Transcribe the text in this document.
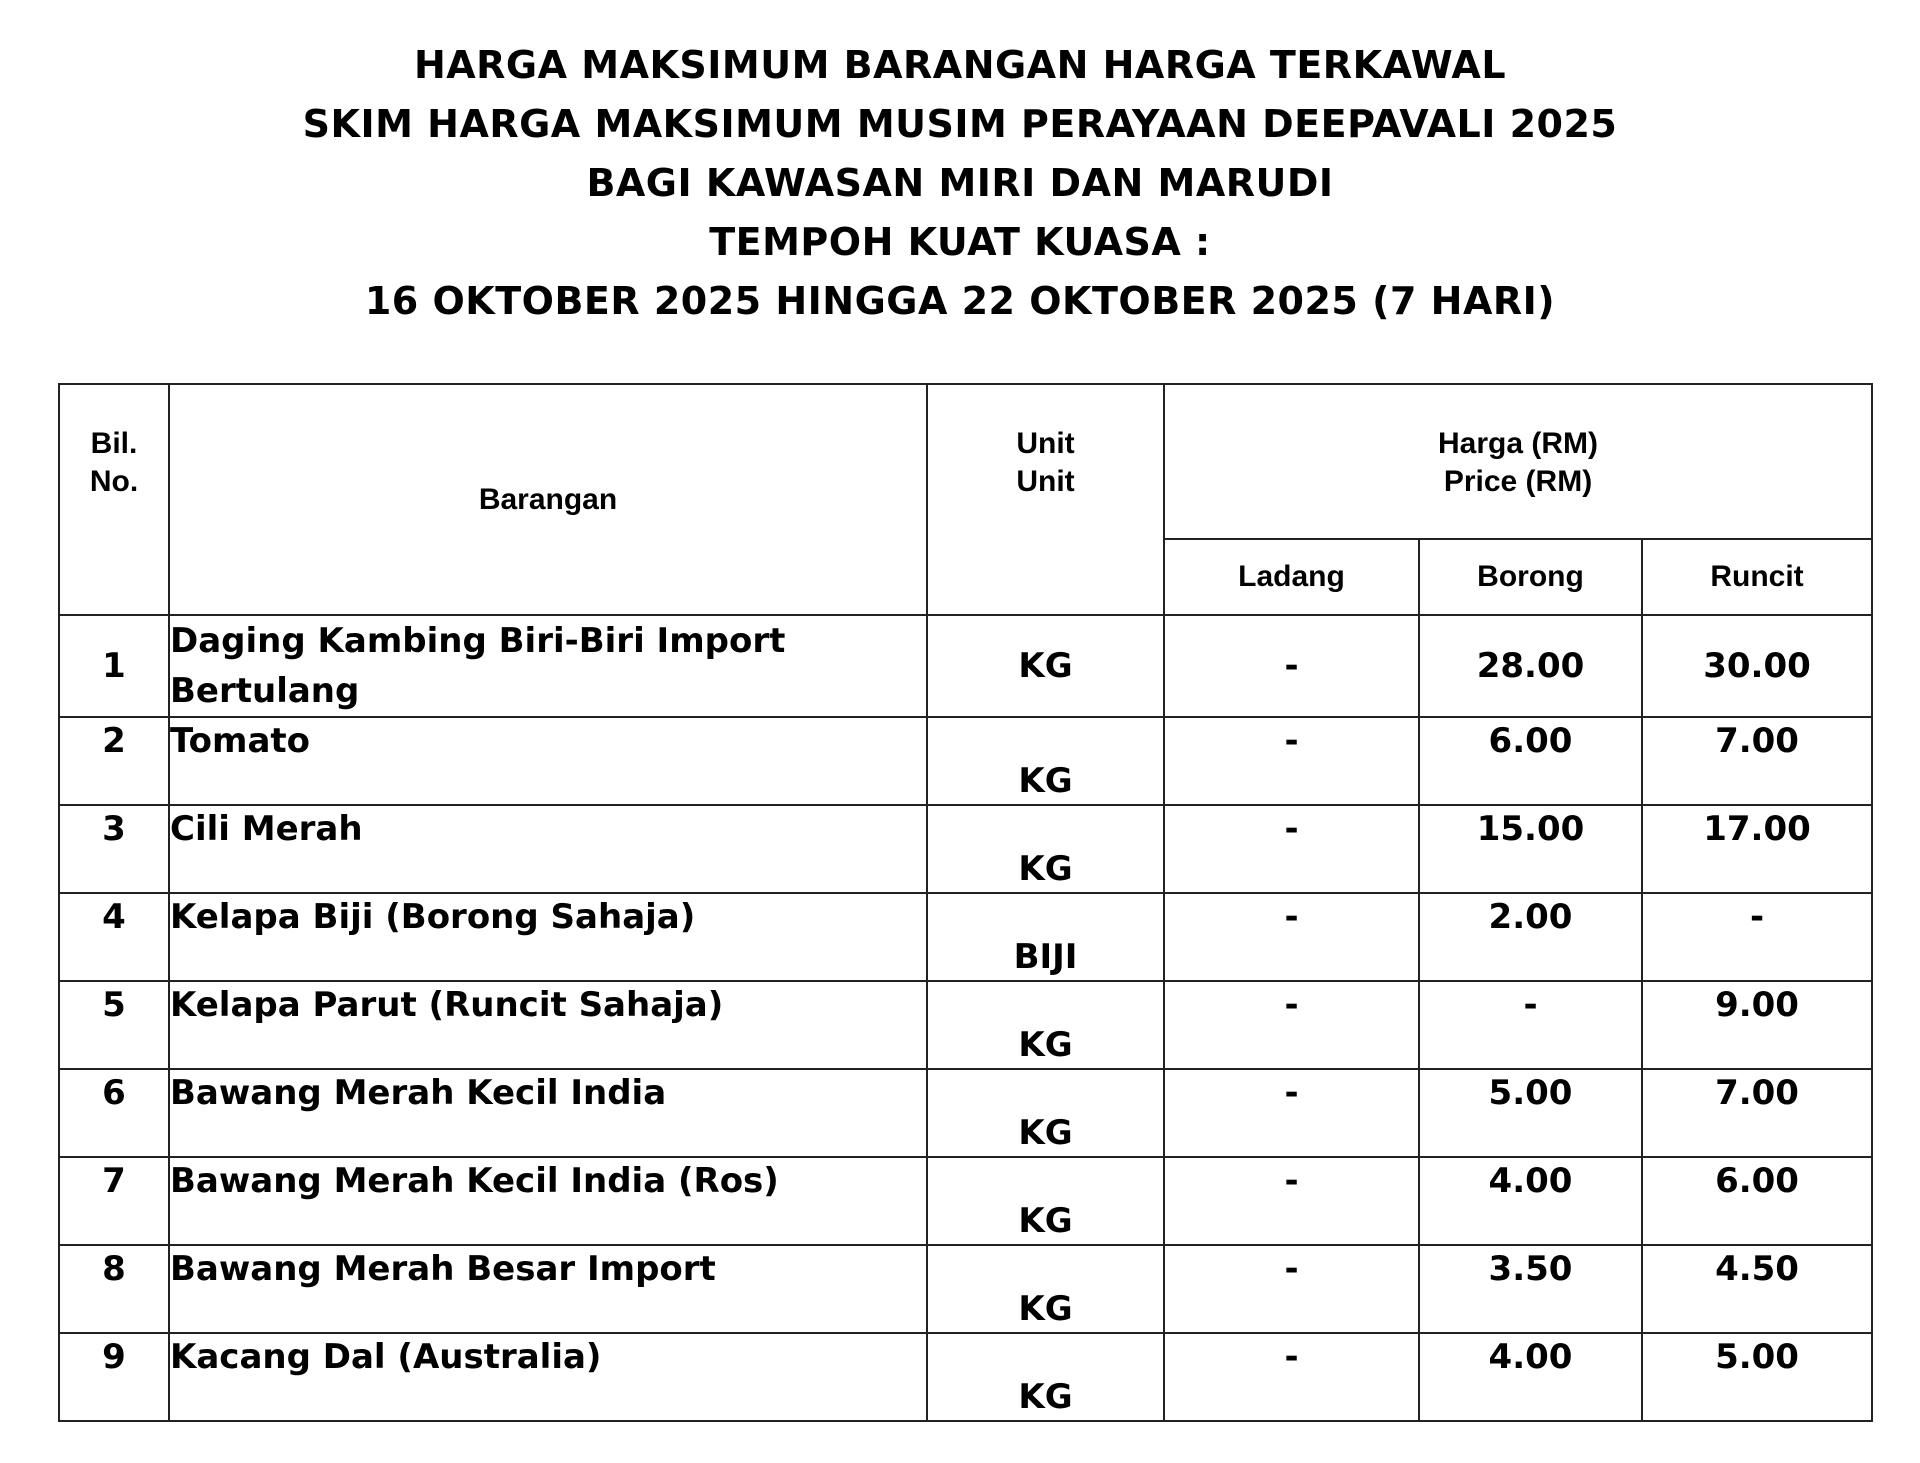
HARGA MAKSIMUM BARANGAN HARGA TERKAWAL
SKIM HARGA MAKSIMUM MUSIM PERAYAAN DEEPAVALI 2025
BAGI KAWASAN MIRI DAN MARUDI
TEMPOH KUAT KUASA :
16 OKTOBER 2025 HINGGA 22 OKTOBER 2025 (7 HARI)
Bil.
No.	Barangan	Unit
Unit	Harga (RM)
Price (RM)		

			Ladang	Borong	Runcit
1	Daging Kambing Biri-Biri Import
Bertulang	KG	-	28.00	30.00
2	Tomato	KG	-	6.00	7.00
3	Cili Merah	KG	-	15.00	17.00
4	Kelapa Biji (Borong Sahaja)	BIJI	-	2.00	-
5	Kelapa Parut (Runcit Sahaja)	KG	-	-	9.00
6	Bawang Merah Kecil India	KG	-	5.00	7.00
7	Bawang Merah Kecil India (Ros)	KG	-	4.00	6.00
8	Bawang Merah Besar Import	KG	-	3.50	4.50
9	Kacang Dal (Australia)	KG	-	4.00	5.00
